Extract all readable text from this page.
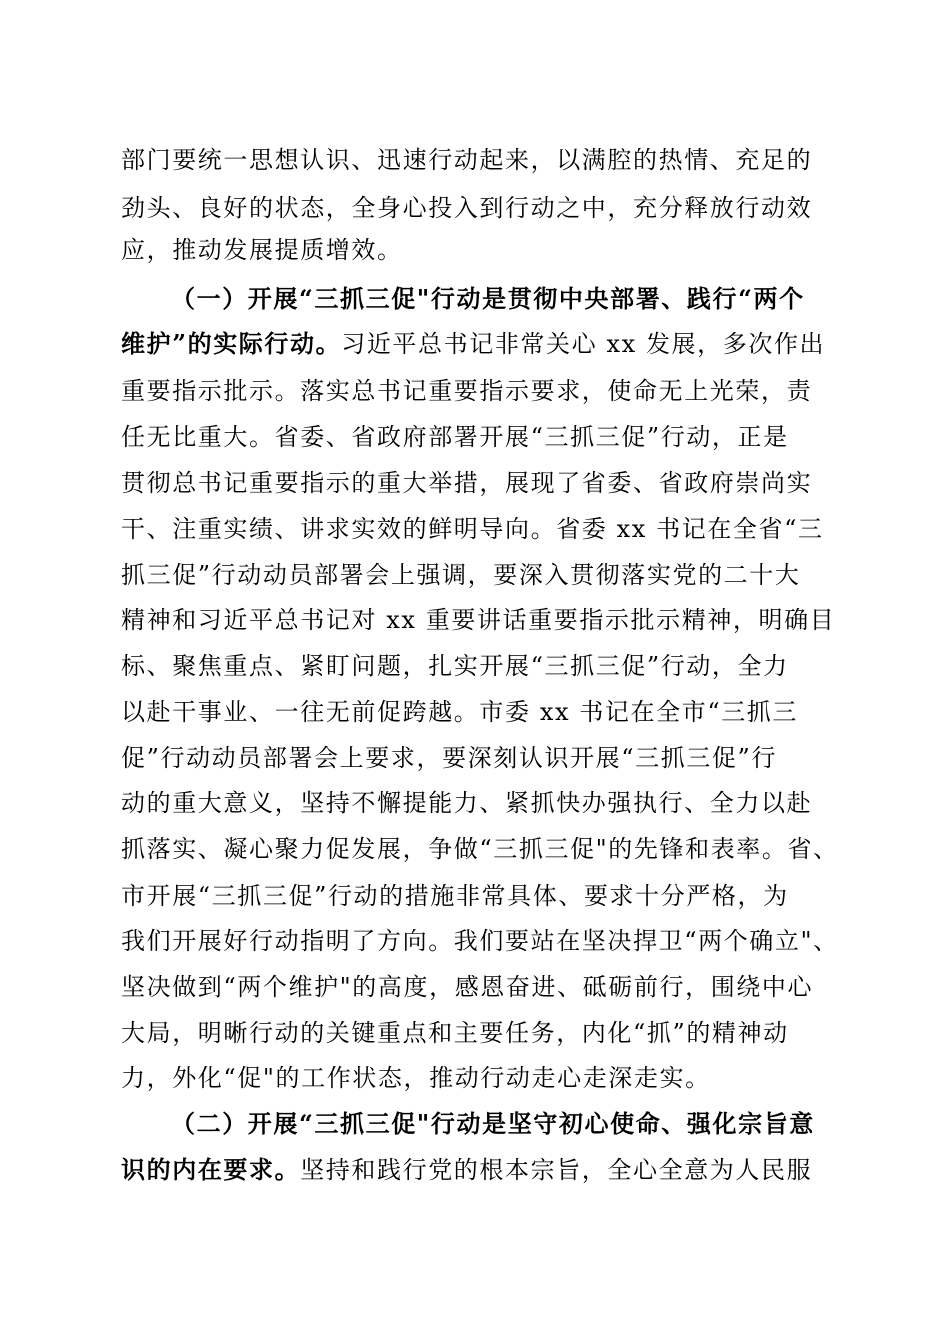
部门要统一思想认识、迅速行动起来，以满腔的热情、充足的
劲头、良好的状态，全身心投入到行动之中，充分释放行动效
应，推动发展提质增效。
（一）开展“三抓三促"行动是贯彻中央部署、践行“两个
维护”的实际行动。习近平总书记非常关心 xx 发展，多次作出
重要指示批示。落实总书记重要指示要求，使命无上光荣，责
任无比重大。省委、省政府部署开展“三抓三促”行动，正是
贯彻总书记重要指示的重大举措，展现了省委、省政府崇尚实
干、注重实绩、讲求实效的鲜明导向。省委 xx 书记在全省“三
抓三促”行动动员部署会上强调，要深入贯彻落实党的二十大
精神和习近平总书记对 xx 重要讲话重要指示批示精神，明确目
标、聚焦重点、紧盯问题，扎实开展“三抓三促”行动，全力
以赴干事业、一往无前促跨越。市委 xx 书记在全市“三抓三
促”行动动员部署会上要求，要深刻认识开展“三抓三促”行
动的重大意义，坚持不懈提能力、紧抓快办强执行、全力以赴
抓落实、凝心聚力促发展，争做“三抓三促"的先锋和表率。省、
市开展“三抓三促”行动的措施非常具体、要求十分严格，为
我们开展好行动指明了方向。我们要站在坚决捍卫“两个确立"、
坚决做到“两个维护"的高度，感恩奋进、砥砺前行，围绕中心
大局，明晰行动的关键重点和主要任务，内化“抓”的精神动
力，外化“促"的工作状态，推动行动走心走深走实。
（二）开展“三抓三促"行动是坚守初心使命、强化宗旨意
识的内在要求。坚持和践行党的根本宗旨，全心全意为人民服
